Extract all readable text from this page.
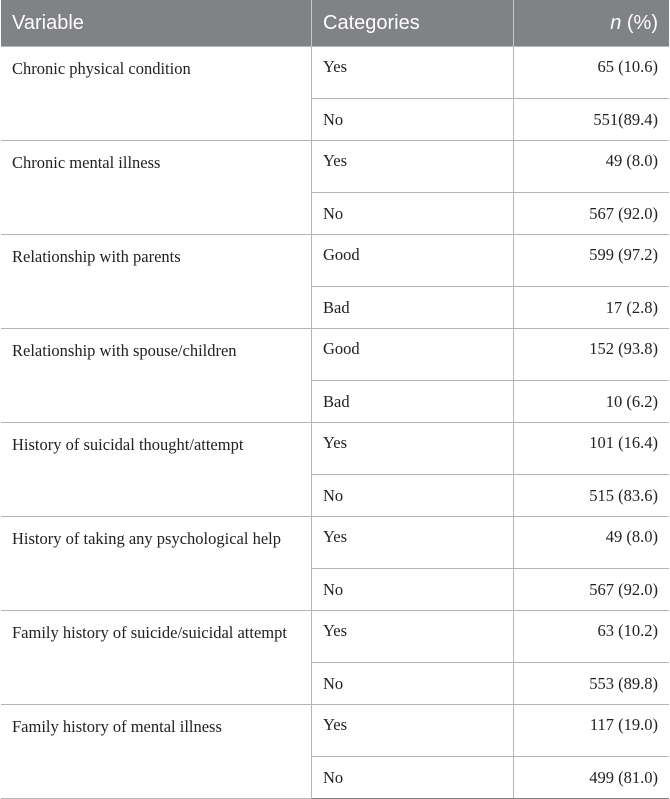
Variable	Categories	n (%)
Chronic physical condition	Yes	65 (10.6)
	No	551(89.4)
Chronic mental illness	Yes	49 (8.0)
	No	567 (92.0)
Relationship with parents	Good	599 (97.2)
	Bad	17 (2.8)
Relationship with spouse/children	Good	152 (93.8)
	Bad	10 (6.2)
History of suicidal thought/attempt	Yes	101 (16.4)
	No	515 (83.6)
History of taking any psychological help	Yes	49 (8.0)
	No	567 (92.0)
Family history of suicide/suicidal attempt	Yes	63 (10.2)
	No	553 (89.8)
Family history of mental illness	Yes	117 (19.0)
	No	499 (81.0)
